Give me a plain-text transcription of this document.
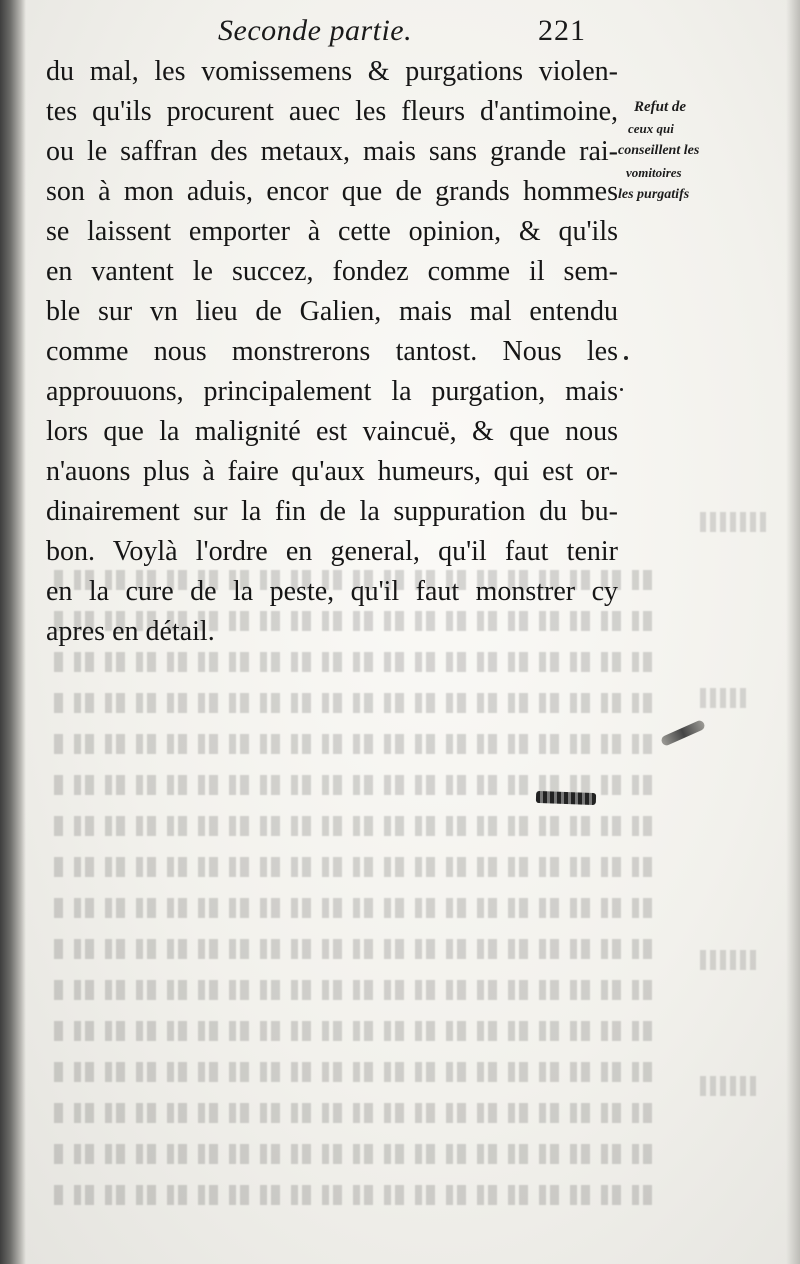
Seconde partie.	221
du mal, les vomissemens & purgations violen-
tes qu'ils procurent auec les fleurs d'antimoine,
ou le saffran des metaux, mais sans grande rai-
son à mon aduis, encor que de grands hommes
se laissent emporter à cette opinion, & qu'ils
en vantent le succez, fondez comme il sem-
ble sur vn lieu de Galien, mais mal entendu
comme nous monstrerons tantost. Nous les
approuuons, principalement la purgation, mais
lors que la malignité est vaincuë, & que nous
n'auons plus à faire qu'aux humeurs, qui est or-
dinairement sur la fin de la suppuration du bu-
bon. Voylà l'ordre en general, qu'il faut tenir
en la cure de la peste, qu'il faut monstrer cy
apres en détail.
Refut de
ceux qui
conseillent les
vomitoires
les purgatifs
